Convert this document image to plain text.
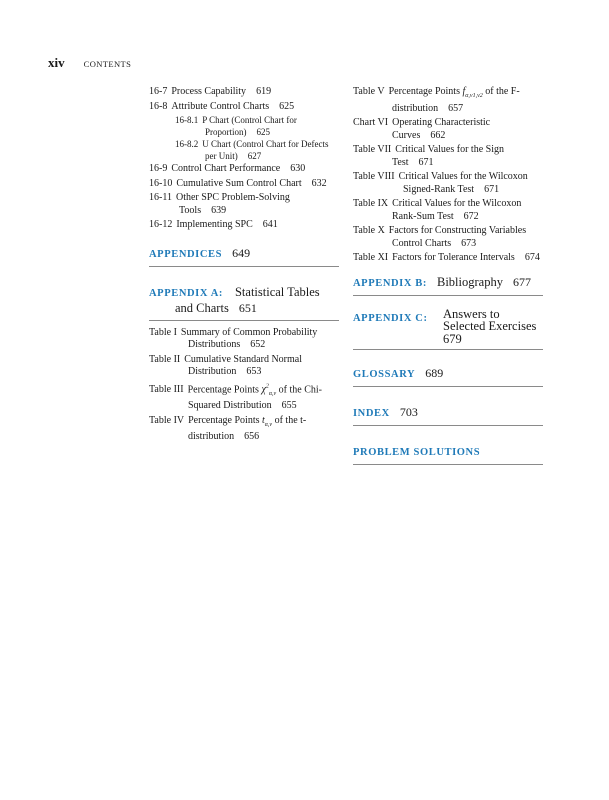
xiv CONTENTS

16-7 Process Capability 619

16-8 Attribute Control Charts 625

16-8.1 P Chart (Control Chart for Proportion) 625

16-8.2 U Chart (Control Chart for Defects per Unit) 627

16-9 Control Chart Performance 630

16-10 Cumulative Sum Control Chart 632

16-11 Other SPC Problem-Solving Tools 639

16-12 Implementing SPC 641

APPENDICES 649
APPENDIX A: Statistical Tables
and Charts 651

Table I Summary of Common Probability Distributions 652

Table II Cumulative Standard Normal Distribution 653

Table III Percentage Points $\chi^2_{\alpha,\nu}$ of the Chi-Squared Distribution 655

Table IV Percentage Points $t_{\alpha,\nu}$ of the t-distribution 656

Table V Percentage Points $f_{\alpha,\nu 1,\nu 2}$ of the F-distribution 657

Chart VI Operating Characteristic Curves 662

Table VII Critical Values for the Sign Test 671

Table VIII Critical Values for the Wilcoxon Signed-Rank Test 671

Table IX Critical Values for the Wilcoxon Rank-Sum Test 672

Table X Factors for Constructing Variables Control Charts 673

Table XI Factors for Tolerance Intervals 674

APPENDIX B: Bibliography 677
APPENDIX C:	Answers to
Selected Exercises
679
GLOSSARY 689
INDEX 703
PROBLEM SOLUTIONS
